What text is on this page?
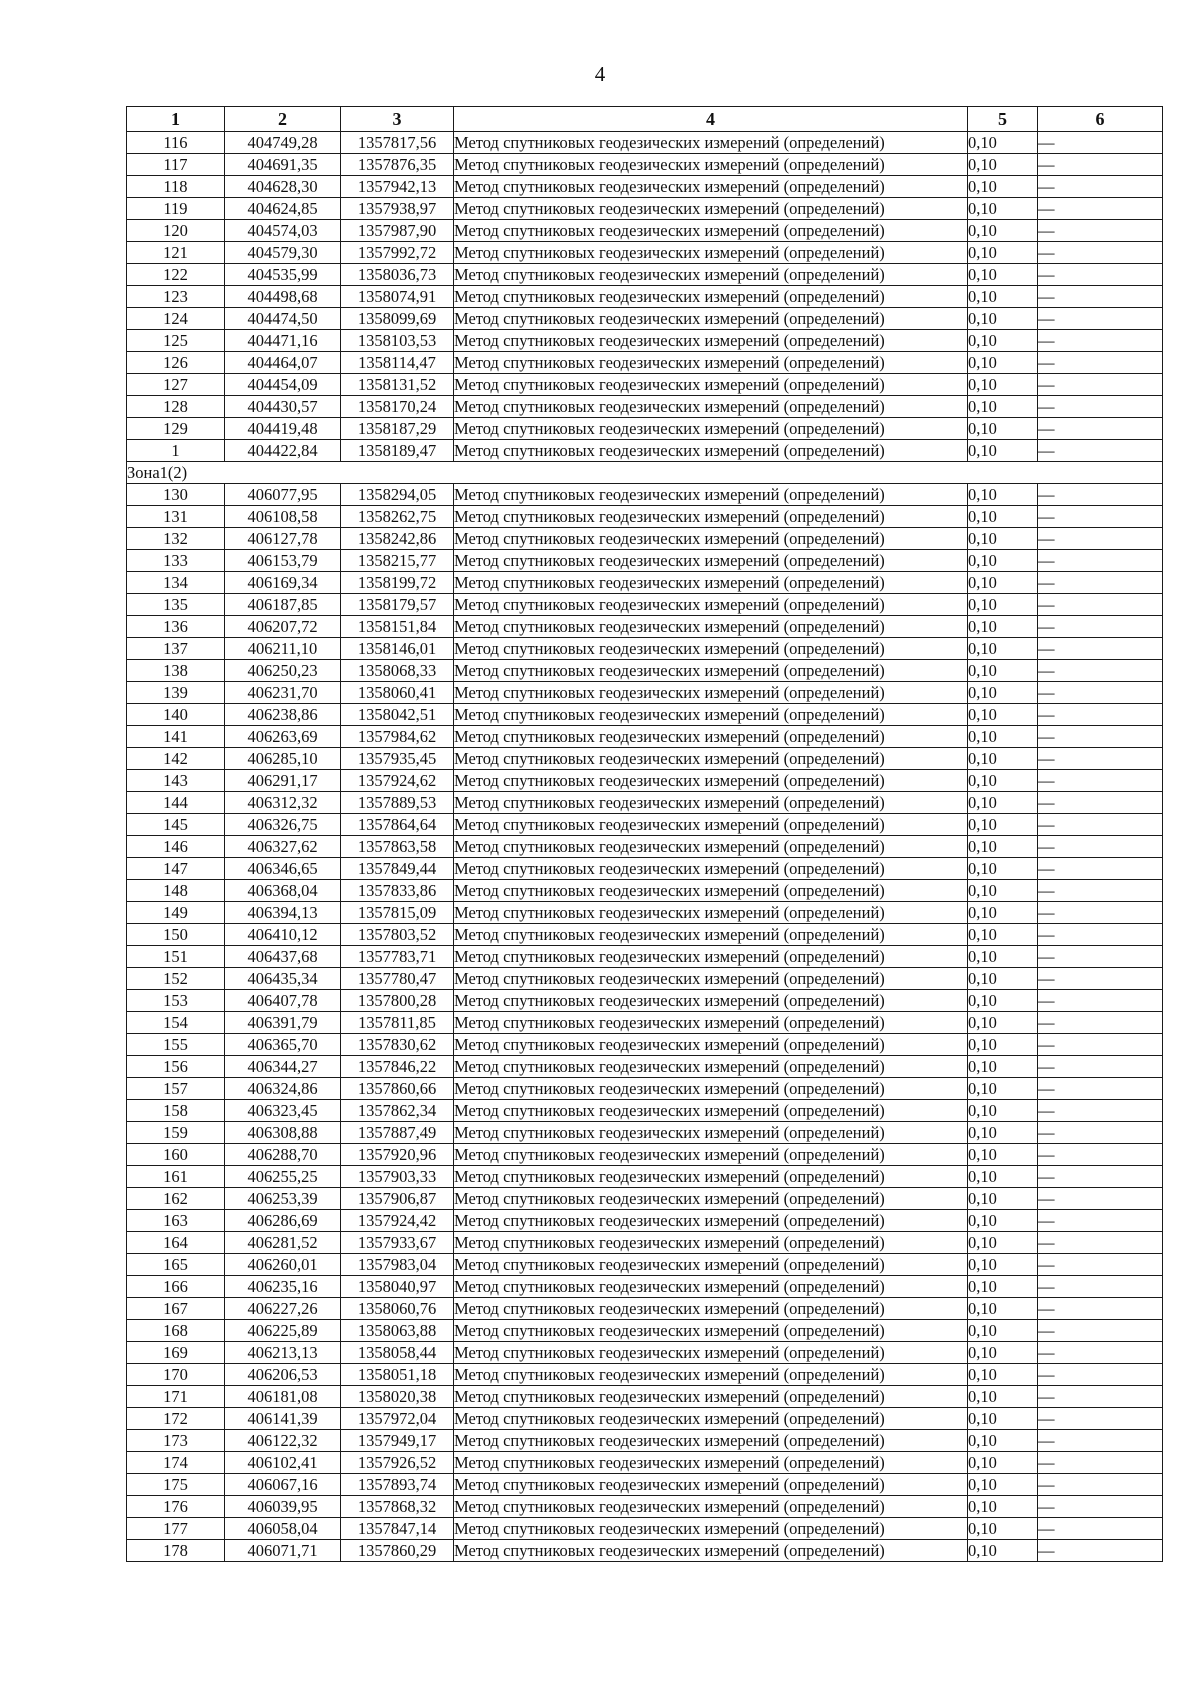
4
1	2	3	4	5	6
116	404749,28	1357817,56	Метод спутниковых геодезических измерений (определений)	0,10	—
117	404691,35	1357876,35	Метод спутниковых геодезических измерений (определений)	0,10	—
118	404628,30	1357942,13	Метод спутниковых геодезических измерений (определений)	0,10	—
119	404624,85	1357938,97	Метод спутниковых геодезических измерений (определений)	0,10	—
120	404574,03	1357987,90	Метод спутниковых геодезических измерений (определений)	0,10	—
121	404579,30	1357992,72	Метод спутниковых геодезических измерений (определений)	0,10	—
122	404535,99	1358036,73	Метод спутниковых геодезических измерений (определений)	0,10	—
123	404498,68	1358074,91	Метод спутниковых геодезических измерений (определений)	0,10	—
124	404474,50	1358099,69	Метод спутниковых геодезических измерений (определений)	0,10	—
125	404471,16	1358103,53	Метод спутниковых геодезических измерений (определений)	0,10	—
126	404464,07	1358114,47	Метод спутниковых геодезических измерений (определений)	0,10	—
127	404454,09	1358131,52	Метод спутниковых геодезических измерений (определений)	0,10	—
128	404430,57	1358170,24	Метод спутниковых геодезических измерений (определений)	0,10	—
129	404419,48	1358187,29	Метод спутниковых геодезических измерений (определений)	0,10	—
1	404422,84	1358189,47	Метод спутниковых геодезических измерений (определений)	0,10	—
Зона1(2)					
130	406077,95	1358294,05	Метод спутниковых геодезических измерений (определений)	0,10	—
131	406108,58	1358262,75	Метод спутниковых геодезических измерений (определений)	0,10	—
132	406127,78	1358242,86	Метод спутниковых геодезических измерений (определений)	0,10	—
133	406153,79	1358215,77	Метод спутниковых геодезических измерений (определений)	0,10	—
134	406169,34	1358199,72	Метод спутниковых геодезических измерений (определений)	0,10	—
135	406187,85	1358179,57	Метод спутниковых геодезических измерений (определений)	0,10	—
136	406207,72	1358151,84	Метод спутниковых геодезических измерений (определений)	0,10	—
137	406211,10	1358146,01	Метод спутниковых геодезических измерений (определений)	0,10	—
138	406250,23	1358068,33	Метод спутниковых геодезических измерений (определений)	0,10	—
139	406231,70	1358060,41	Метод спутниковых геодезических измерений (определений)	0,10	—
140	406238,86	1358042,51	Метод спутниковых геодезических измерений (определений)	0,10	—
141	406263,69	1357984,62	Метод спутниковых геодезических измерений (определений)	0,10	—
142	406285,10	1357935,45	Метод спутниковых геодезических измерений (определений)	0,10	—
143	406291,17	1357924,62	Метод спутниковых геодезических измерений (определений)	0,10	—
144	406312,32	1357889,53	Метод спутниковых геодезических измерений (определений)	0,10	—
145	406326,75	1357864,64	Метод спутниковых геодезических измерений (определений)	0,10	—
146	406327,62	1357863,58	Метод спутниковых геодезических измерений (определений)	0,10	—
147	406346,65	1357849,44	Метод спутниковых геодезических измерений (определений)	0,10	—
148	406368,04	1357833,86	Метод спутниковых геодезических измерений (определений)	0,10	—
149	406394,13	1357815,09	Метод спутниковых геодезических измерений (определений)	0,10	—
150	406410,12	1357803,52	Метод спутниковых геодезических измерений (определений)	0,10	—
151	406437,68	1357783,71	Метод спутниковых геодезических измерений (определений)	0,10	—
152	406435,34	1357780,47	Метод спутниковых геодезических измерений (определений)	0,10	—
153	406407,78	1357800,28	Метод спутниковых геодезических измерений (определений)	0,10	—
154	406391,79	1357811,85	Метод спутниковых геодезических измерений (определений)	0,10	—
155	406365,70	1357830,62	Метод спутниковых геодезических измерений (определений)	0,10	—
156	406344,27	1357846,22	Метод спутниковых геодезических измерений (определений)	0,10	—
157	406324,86	1357860,66	Метод спутниковых геодезических измерений (определений)	0,10	—
158	406323,45	1357862,34	Метод спутниковых геодезических измерений (определений)	0,10	—
159	406308,88	1357887,49	Метод спутниковых геодезических измерений (определений)	0,10	—
160	406288,70	1357920,96	Метод спутниковых геодезических измерений (определений)	0,10	—
161	406255,25	1357903,33	Метод спутниковых геодезических измерений (определений)	0,10	—
162	406253,39	1357906,87	Метод спутниковых геодезических измерений (определений)	0,10	—
163	406286,69	1357924,42	Метод спутниковых геодезических измерений (определений)	0,10	—
164	406281,52	1357933,67	Метод спутниковых геодезических измерений (определений)	0,10	—
165	406260,01	1357983,04	Метод спутниковых геодезических измерений (определений)	0,10	—
166	406235,16	1358040,97	Метод спутниковых геодезических измерений (определений)	0,10	—
167	406227,26	1358060,76	Метод спутниковых геодезических измерений (определений)	0,10	—
168	406225,89	1358063,88	Метод спутниковых геодезических измерений (определений)	0,10	—
169	406213,13	1358058,44	Метод спутниковых геодезических измерений (определений)	0,10	—
170	406206,53	1358051,18	Метод спутниковых геодезических измерений (определений)	0,10	—
171	406181,08	1358020,38	Метод спутниковых геодезических измерений (определений)	0,10	—
172	406141,39	1357972,04	Метод спутниковых геодезических измерений (определений)	0,10	—
173	406122,32	1357949,17	Метод спутниковых геодезических измерений (определений)	0,10	—
174	406102,41	1357926,52	Метод спутниковых геодезических измерений (определений)	0,10	—
175	406067,16	1357893,74	Метод спутниковых геодезических измерений (определений)	0,10	—
176	406039,95	1357868,32	Метод спутниковых геодезических измерений (определений)	0,10	—
177	406058,04	1357847,14	Метод спутниковых геодезических измерений (определений)	0,10	—
178	406071,71	1357860,29	Метод спутниковых геодезических измерений (определений)	0,10	—
